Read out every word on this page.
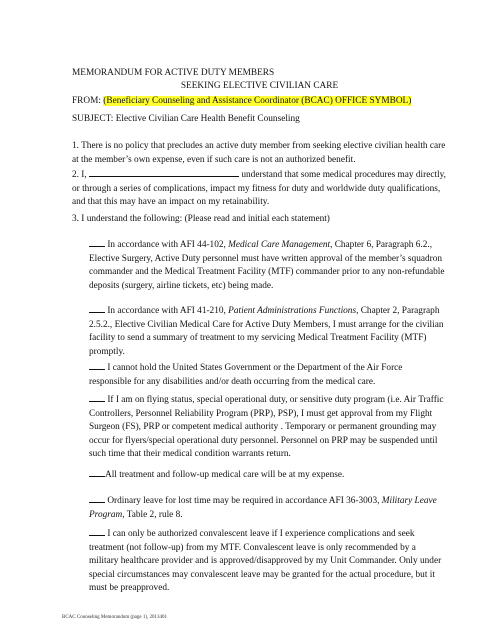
MEMORANDUM FOR ACTIVE DUTY MEMBERS

SEEKING ELECTIVE CIVILIAN CARE

FROM: (Beneficiary Counseling and Assistance Coordinator (BCAC) OFFICE SYMBOL)

SUBJECT: Elective Civilian Care Health Benefit Counseling

1. There is no policy that precludes an active duty member from seeking elective civilian health care at the member’s own expense, even if such care is not an authorized benefit.

2. I,	understand that some medical procedures may directly, or through a series of complications, impact my fitness for duty and worldwide duty qualifications, and that this may have an impact on my retainability.

3. I understand the following: (Please read and initial each statement)

In accordance with AFI 44-102, Medical Care Management, Chapter 6, Paragraph 6.2., Elective Surgery, Active Duty personnel must have written approval of the member’s squadron commander and the Medical Treatment Facility (MTF) commander prior to any non-refundable deposits (surgery, airline tickets, etc) being made.

In accordance with AFI 41-210, Patient Administrations Functions, Chapter 2, Paragraph 2.5.2., Elective Civilian Medical Care for Active Duty Members, I must arrange for the civilian facility to send a summary of treatment to my servicing Medical Treatment Facility (MTF) promptly.

I cannot hold the United States Government or the Department of the Air Force responsible for any disabilities and/or death occurring from the medical care.

If I am on flying status, special operational duty, or sensitive duty program (i.e. Air Traffic Controllers, Personnel Reliability Program (PRP), PSP), I must get approval from my Flight Surgeon (FS), PRP or competent medical authority . Temporary or permanent grounding may occur for flyers/special operational duty personnel. Personnel on PRP may be suspended until such time that their medical condition warrants return.

All treatment and follow-up medical care will be at my expense.

Ordinary leave for lost time may be required in accordance AFI 36-3003, Military Leave Program, Table 2, rule 8.

I can only be authorized convalescent leave if I experience complications and seek treatment (not follow-up) from my MTF. Convalescent leave is only recommended by a military healthcare provider and is approved/disapproved by my Unit Commander. Only under special circumstances may convalescent leave may be granted for the actual procedure, but it must be preapproved.

BCAC Counseling Memorandum (page 1), 2013401
